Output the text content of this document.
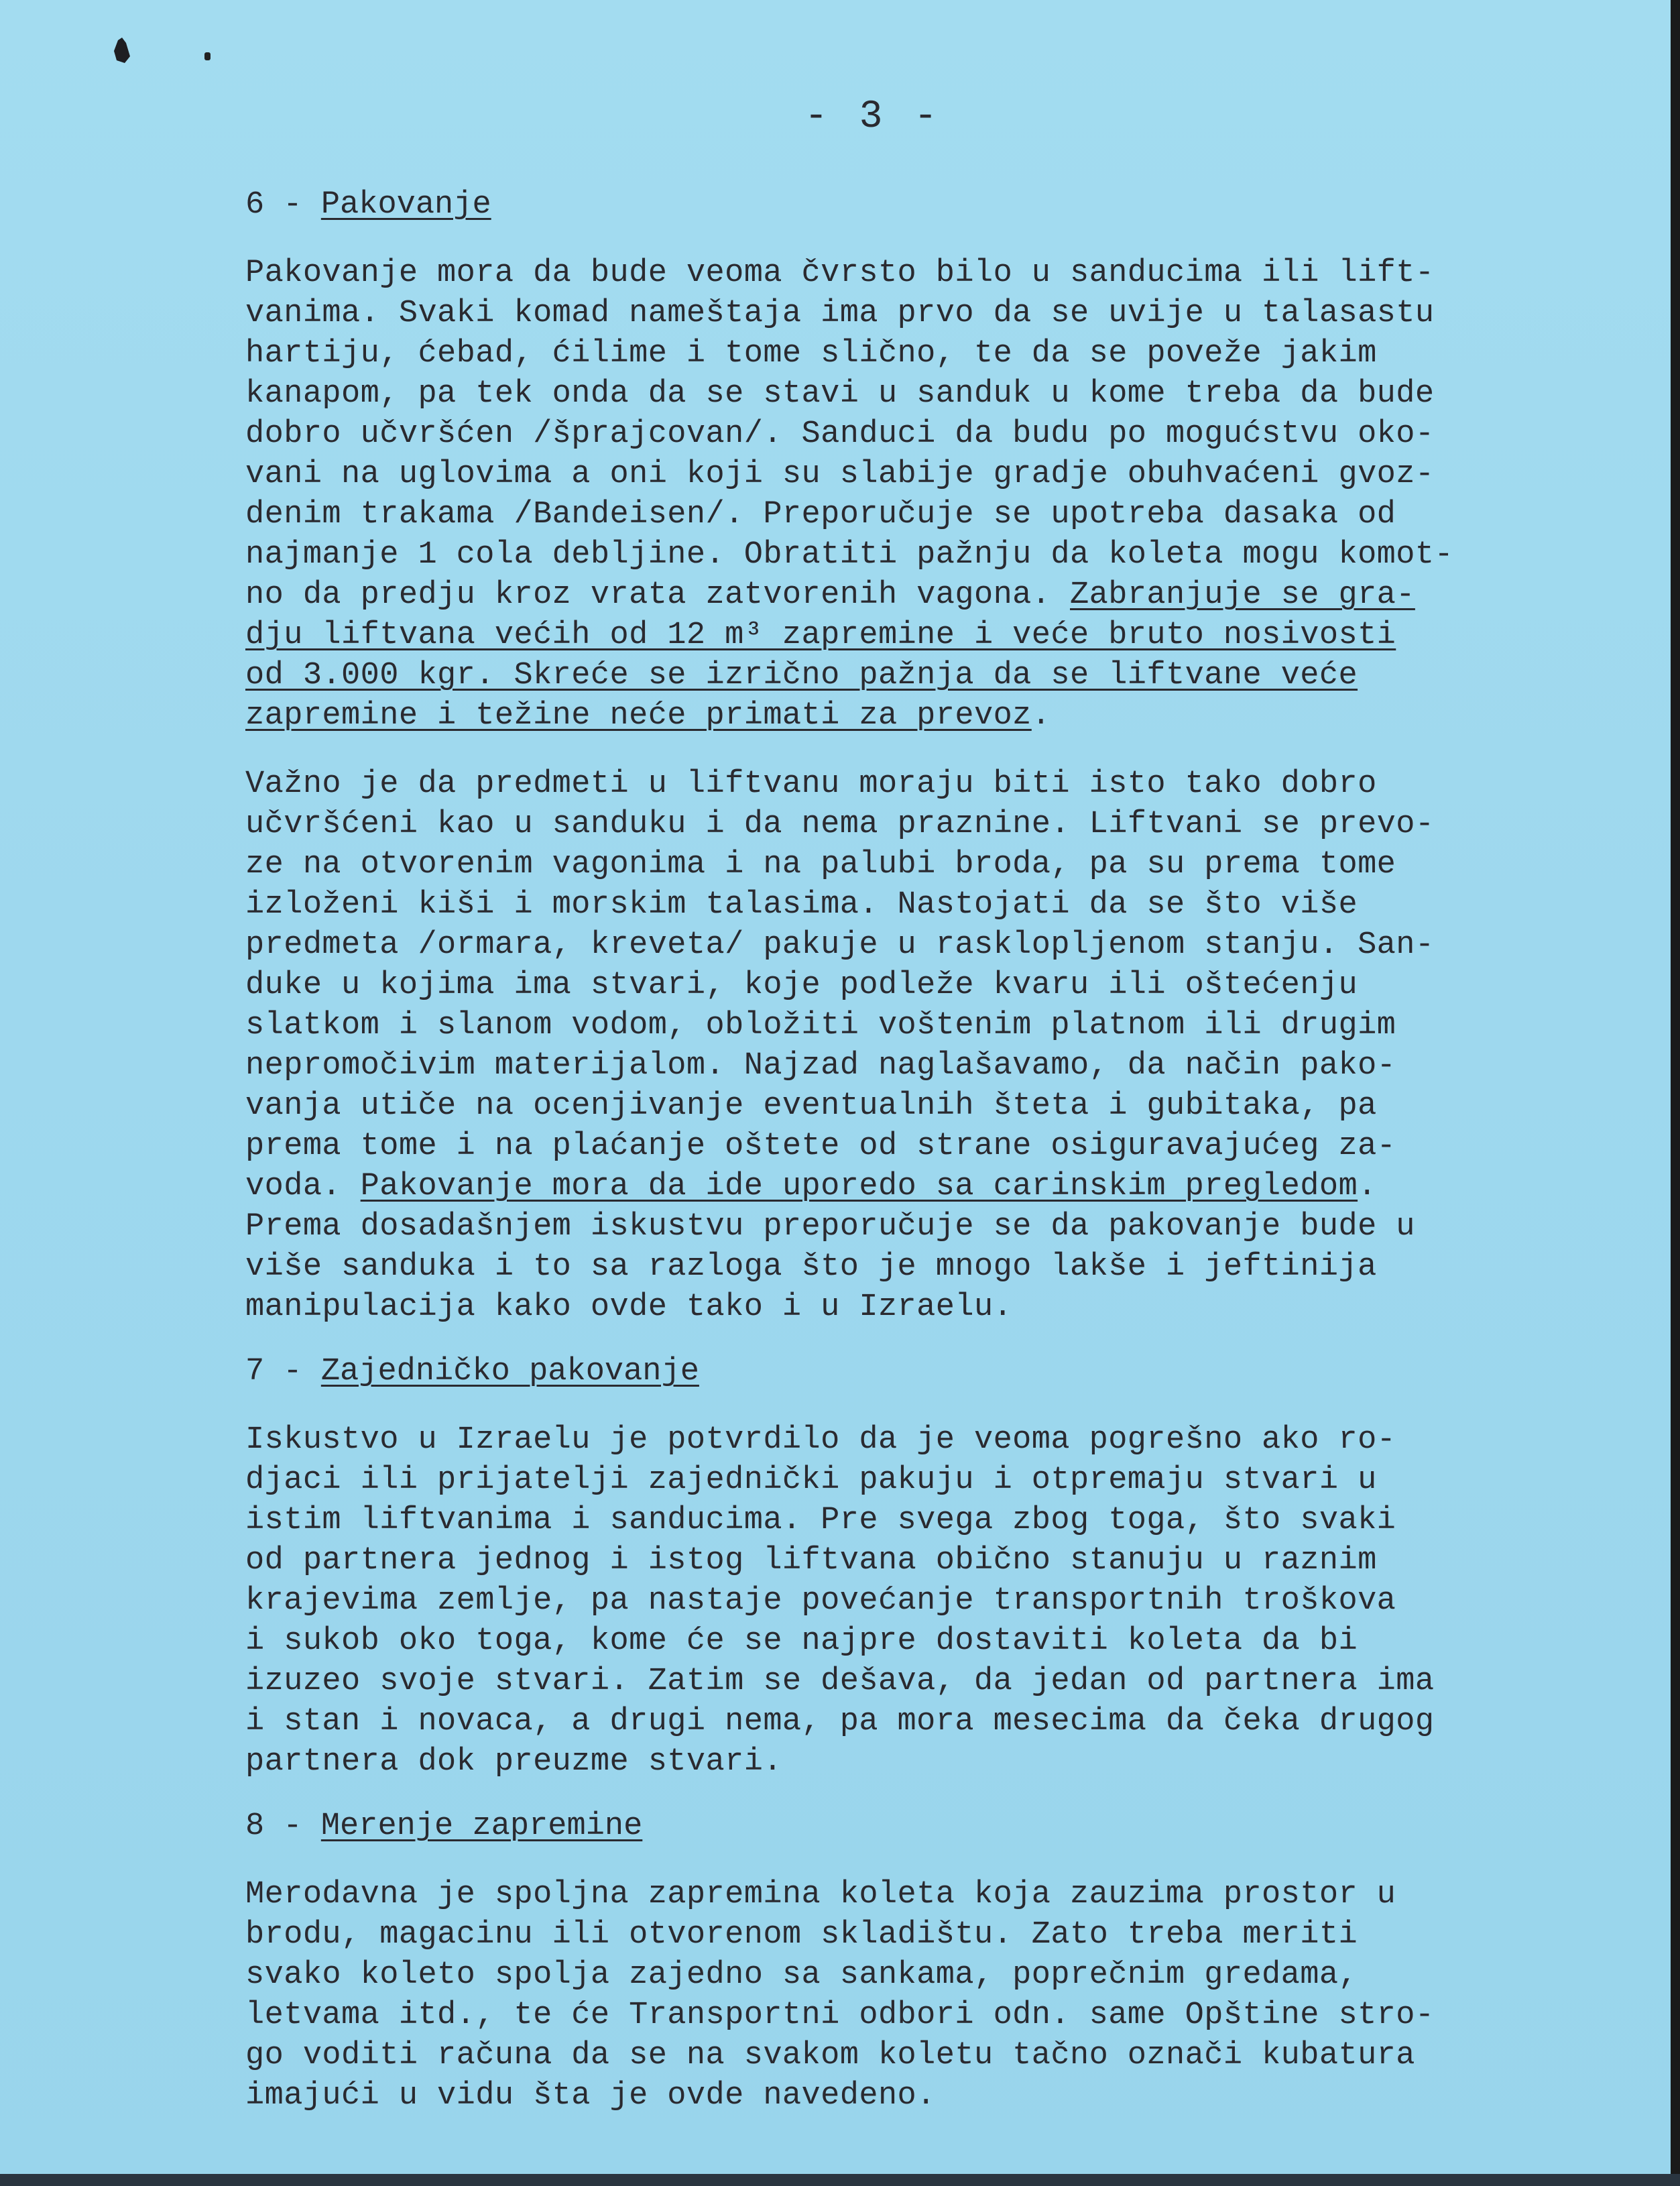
- 3 -
6 - Pakovanje
Pakovanje mora da bude veoma čvrsto bilo u sanducima ili lift-
vanima. Svaki komad nameštaja ima prvo da se uvije u talasastu
hartiju, ćebad, ćilime i tome slično, te da se poveže jakim
kanapom, pa tek onda da se stavi u sanduk u kome treba da bude
dobro učvršćen /šprajcovan/. Sanduci da budu po mogućstvu oko-
vani na uglovima a oni koji su slabije gradje obuhvaćeni gvoz-
denim trakama /Bandeisen/. Preporučuje se upotreba dasaka od
najmanje 1 cola debljine. Obratiti pažnju da koleta mogu komot-
no da predju kroz vrata zatvorenih vagona. Zabranjuje se gra-
dju liftvana većih od 12 m³ zapremine i veće bruto nosivosti
od 3.000 kgr. Skreće se izrično pažnja da se liftvane veće
zapremine i težine neće primati za prevoz.
Važno je da predmeti u liftvanu moraju biti isto tako dobro
učvršćeni kao u sanduku i da nema praznine. Liftvani se prevo-
ze na otvorenim vagonima i na palubi broda, pa su prema tome
izloženi kiši i morskim talasima. Nastojati da se što više
predmeta /ormara, kreveta/ pakuje u rasklopljenom stanju. San-
duke u kojima ima stvari, koje podleže kvaru ili oštećenju
slatkom i slanom vodom, obložiti voštenim platnom ili drugim
nepromočivim materijalom. Najzad naglašavamo, da način pako-
vanja utiče na ocenjivanje eventualnih šteta i gubitaka, pa
prema tome i na plaćanje oštete od strane osiguravajućeg za-
voda. Pakovanje mora da ide uporedo sa carinskim pregledom.
Prema dosadašnjem iskustvu preporučuje se da pakovanje bude u
više sanduka i to sa razloga što je mnogo lakše i jeftinija
manipulacija kako ovde tako i u Izraelu.
7 - Zajedničko pakovanje
Iskustvo u Izraelu je potvrdilo da je veoma pogrešno ako ro-
djaci ili prijatelji zajednički pakuju i otpremaju stvari u
istim liftvanima i sanducima. Pre svega zbog toga, što svaki
od partnera jednog i istog liftvana obično stanuju u raznim
krajevima zemlje, pa nastaje povećanje transportnih troškova
i sukob oko toga, kome će se najpre dostaviti koleta da bi
izuzeo svoje stvari. Zatim se dešava, da jedan od partnera ima
i stan i novaca, a drugi nema, pa mora mesecima da čeka drugog
partnera dok preuzme stvari.
8 - Merenje zapremine
Merodavna je spoljna zapremina koleta koja zauzima prostor u
brodu, magacinu ili otvorenom skladištu. Zato treba meriti
svako koleto spolja zajedno sa sankama, poprečnim gredama,
letvama itd., te će Transportni odbori odn. same Opštine stro-
go voditi računa da se na svakom koletu tačno označi kubatura
imajući u vidu šta je ovde navedeno.
